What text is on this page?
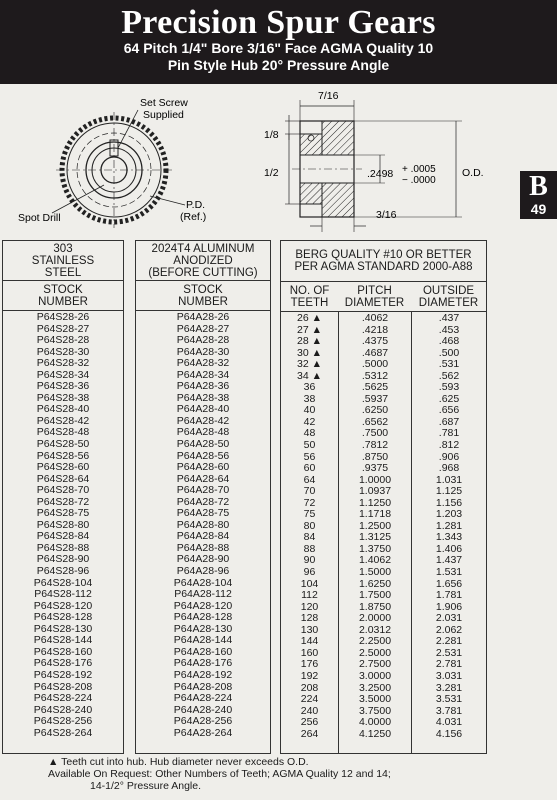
Precision Spur Gears
64 Pitch 1/4" Bore 3/16" Face AGMA Quality 10
Pin Style Hub 20° Pressure Angle
B
49
Set Screw
Supplied
Spot Drill
P.D.
(Ref.)
7/16
1/8
1/2	.2498 + .0005
− .0000
O.D.
3/16
303
STAINLESS
STEEL
STOCK
NUMBER
P64S28-26
P64S28-27
P64S28-28
P64S28-30
P64S28-32
P64S28-34
P64S28-36
P64S28-38
P64S28-40
P64S28-42
P64S28-48
P64S28-50
P64S28-56
P64S28-60
P64S28-64
P64S28-70
P64S28-72
P64S28-75
P64S28-80
P64S28-84
P64S28-88
P64S28-90
P64S28-96
P64S28-104
P64S28-112
P64S28-120
P64S28-128
P64S28-130
P64S28-144
P64S28-160
P64S28-176
P64S28-192
P64S28-208
P64S28-224
P64S28-240
P64S28-256
P64S28-264
2024T4 ALUMINUM
ANODIZED
(BEFORE CUTTING)
STOCK
NUMBER
P64A28-26
P64A28-27
P64A28-28
P64A28-30
P64A28-32
P64A28-34
P64A28-36
P64A28-38
P64A28-40
P64A28-42
P64A28-48
P64A28-50
P64A28-56
P64A28-60
P64A28-64
P64A28-70
P64A28-72
P64A28-75
P64A28-80
P64A28-84
P64A28-88
P64A28-90
P64A28-96
P64A28-104
P64A28-112
P64A28-120
P64A28-128
P64A28-130
P64A28-144
P64A28-160
P64A28-176
P64A28-192
P64A28-208
P64A28-224
P64A28-240
P64A28-256
P64A28-264
BERG QUALITY #10 OR BETTER
PER AGMA STANDARD 2000-A88
NO. OF
TEETH
PITCH
DIAMETER
OUTSIDE
DIAMETER
26 ▲
27 ▲
28 ▲
30 ▲
32 ▲
34 ▲
36
38
40
42
48
50
56
60
64
70
72
75
80
84
88
90
96
104
112
120
128
130
144
160
176
192
208
224
240
256
264
.4062
.4218
.4375
.4687
.5000
.5312
.5625
.5937
.6250
.6562
.7500
.7812
.8750
.9375
1.0000
1.0937
1.1250
1.1718
1.2500
1.3125
1.3750
1.4062
1.5000
1.6250
1.7500
1.8750
2.0000
2.0312
2.2500
2.5000
2.7500
3.0000
3.2500
3.5000
3.7500
4.0000
4.1250
.437
.453
.468
.500
.531
.562
.593
.625
.656
.687
.781
.812
.906
.968
1.031
1.125
1.156
1.203
1.281
1.343
1.406
1.437
1.531
1.656
1.781
1.906
2.031
2.062
2.281
2.531
2.781
3.031
3.281
3.531
3.781
4.031
4.156
▲ Teeth cut into hub. Hub diameter never exceeds O.D.
Available On Request: Other Numbers of Teeth; AGMA Quality 12 and 14;
14-1/2° Pressure Angle.
